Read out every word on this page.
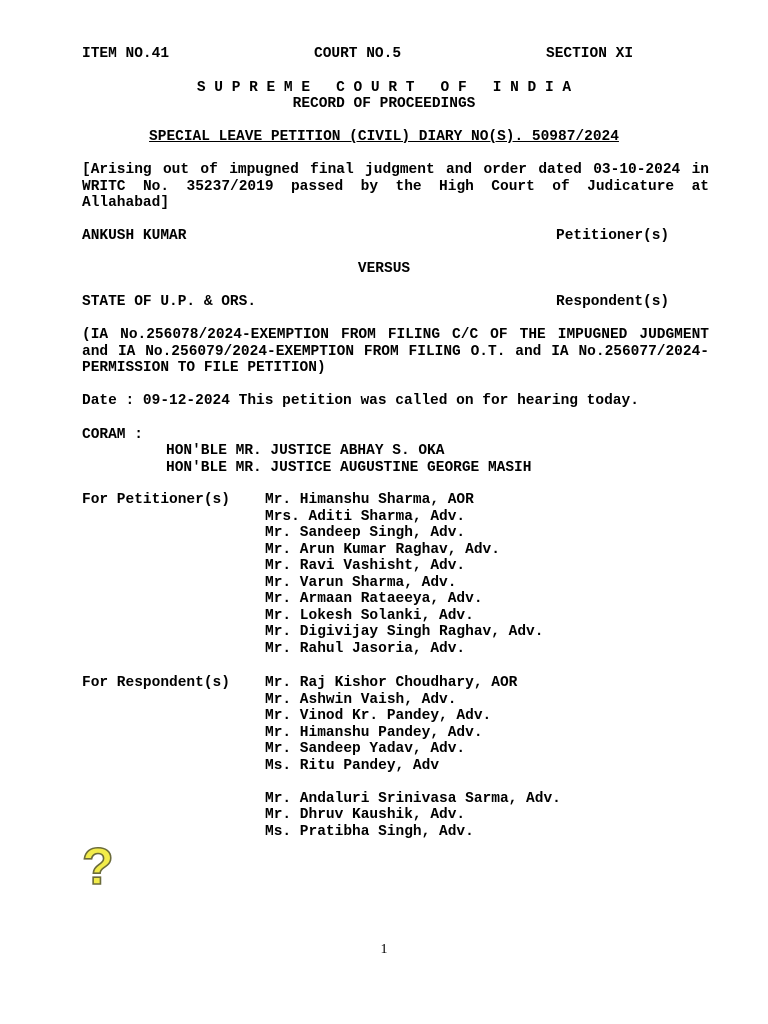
ITEM NO.41	COURT NO.5	SECTION XI
S U P R E M E   C O U R T   O F   I N D I A
RECORD OF PROCEEDINGS
SPECIAL LEAVE PETITION (CIVIL) DIARY NO(S). 50987/2024
[Arising out of impugned final judgment and order dated 03-10-2024 in WRITC No. 35237/2019 passed by the High Court of Judicature at Allahabad]
ANKUSH KUMAR	Petitioner(s)
VERSUS
STATE OF U.P. & ORS.	Respondent(s)
(IA No.256078/2024-EXEMPTION FROM FILING C/C OF THE IMPUGNED JUDGMENT and IA No.256079/2024-EXEMPTION FROM FILING O.T. and IA No.256077/2024-PERMISSION TO FILE PETITION)
Date : 09-12-2024 This petition was called on for hearing today.
CORAM :
HON'BLE MR. JUSTICE ABHAY S. OKA
HON'BLE MR. JUSTICE AUGUSTINE GEORGE MASIH
For Petitioner(s) Mr. Himanshu Sharma, AOR
Mrs. Aditi Sharma, Adv.
Mr. Sandeep Singh, Adv.
Mr. Arun Kumar Raghav, Adv.
Mr. Ravi Vashisht, Adv.
Mr. Varun Sharma, Adv.
Mr. Armaan Rataeeya, Adv.
Mr. Lokesh Solanki, Adv.
Mr. Digivijay Singh Raghav, Adv.
Mr. Rahul Jasoria, Adv.
For Respondent(s) Mr. Raj Kishor Choudhary, AOR
Mr. Ashwin Vaish, Adv.
Mr. Vinod Kr. Pandey, Adv.
Mr. Himanshu Pandey, Adv.
Mr. Sandeep Yadav, Adv.
Ms. Ritu Pandey, Adv
Mr. Andaluri Srinivasa Sarma, Adv.
Mr. Dhruv Kaushik, Adv.
Ms. Pratibha Singh, Adv.
?
1
